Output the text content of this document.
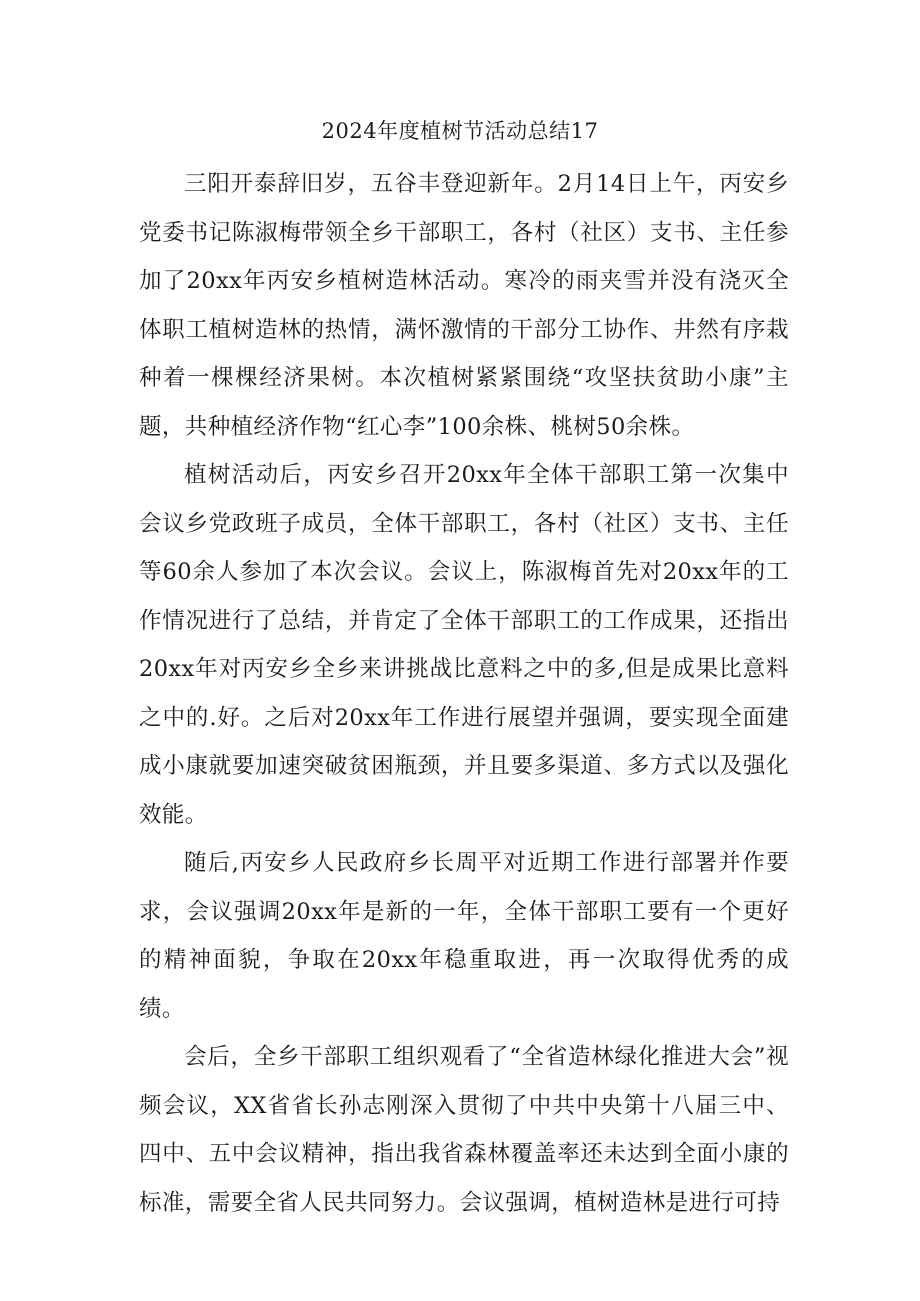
2024年度植树节活动总结17

三阳开泰辞旧岁，五谷丰登迎新年。2月14日上午，丙安乡党委书记陈淑梅带领全乡干部职工，各村（社区）支书、主任参加了20xx年丙安乡植树造林活动。寒冷的雨夹雪并没有浇灭全体职工植树造林的热情，满怀激情的干部分工协作、井然有序栽种着一棵棵经济果树。本次植树紧紧围绕“攻坚扶贫助小康”主题，共种植经济作物“红心李”100余株、桃树50余株。

植树活动后，丙安乡召开20xx年全体干部职工第一次集中会议乡党政班子成员，全体干部职工，各村（社区）支书、主任等60余人参加了本次会议。会议上，陈淑梅首先对20xx年的工作情况进行了总结，并肯定了全体干部职工的工作成果，还指出20xx年对丙安乡全乡来讲挑战比意料之中的多,但是成果比意料之中的.好。之后对20xx年工作进行展望并强调，要实现全面建成小康就要加速突破贫困瓶颈，并且要多渠道、多方式以及强化效能。

随后,丙安乡人民政府乡长周平对近期工作进行部署并作要求，会议强调20xx年是新的一年，全体干部职工要有一个更好的精神面貌，争取在20xx年稳重取进，再一次取得优秀的成绩。

会后，全乡干部职工组织观看了“全省造林绿化推进大会”视频会议，XX省省长孙志刚深入贯彻了中共中央第十八届三中、四中、五中会议精神，指出我省森林覆盖率还未达到全面小康的标准，需要全省人民共同努力。会议强调，植树造林是进行可持
